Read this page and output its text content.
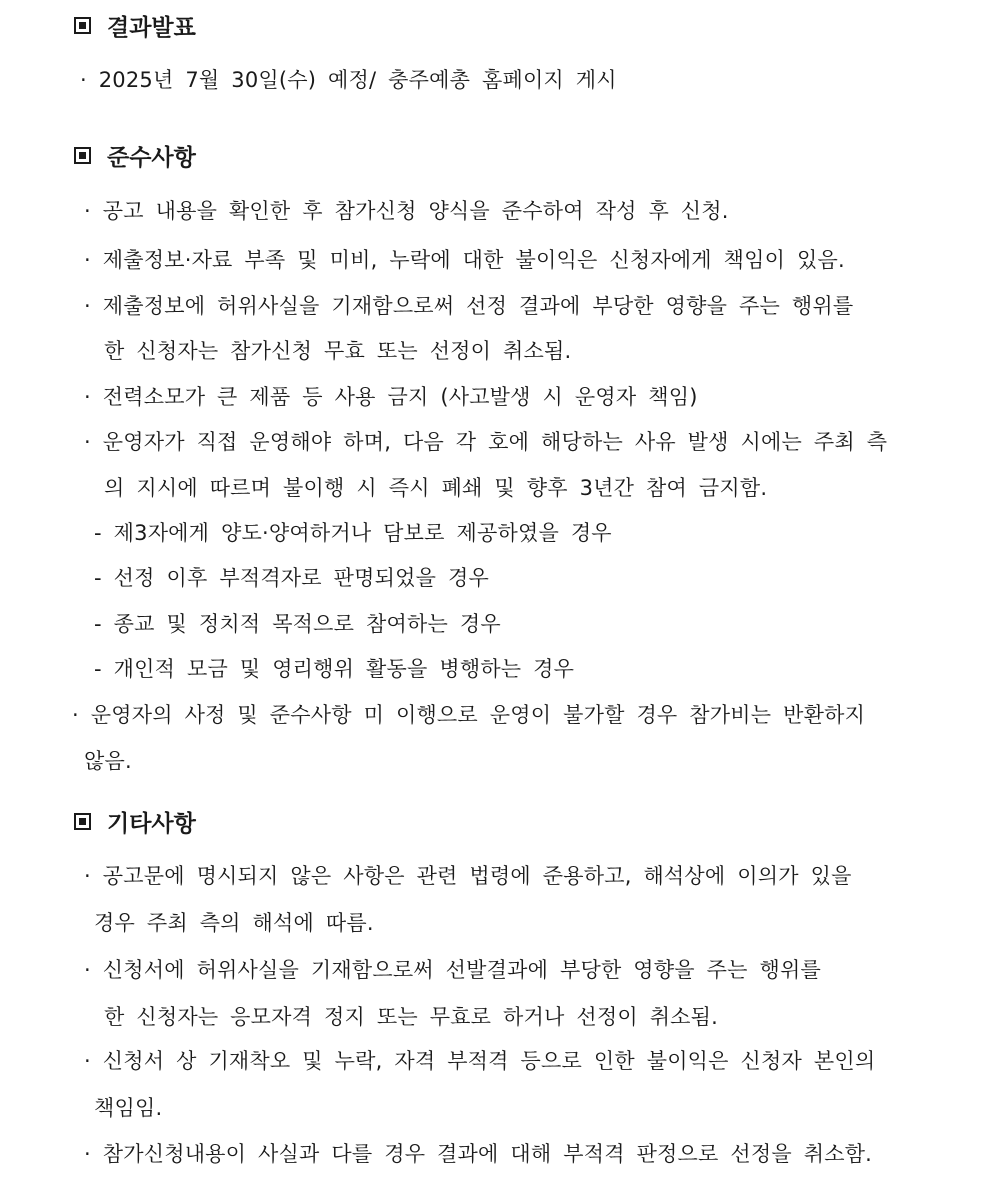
결과발표
· 2025년 7월 30일(수) 예정/ 충주예총 홈페이지 게시
준수사항
· 공고 내용을 확인한 후 참가신청 양식을 준수하여 작성 후 신청.
· 제출정보·자료 부족 및 미비, 누락에 대한 불이익은 신청자에게 책임이 있음.
· 제출정보에 허위사실을 기재함으로써 선정 결과에 부당한 영향을 주는 행위를
한 신청자는 참가신청 무효 또는 선정이 취소됨.
· 전력소모가 큰 제품 등 사용 금지 (사고발생 시 운영자 책임)
· 운영자가 직접 운영해야 하며, 다음 각 호에 해당하는 사유 발생 시에는 주최 측
의 지시에 따르며 불이행 시 즉시 폐쇄 및 향후 3년간 참여 금지함.
- 제3자에게 양도·양여하거나 담보로 제공하였을 경우
- 선정 이후 부적격자로 판명되었을 경우
- 종교 및 정치적 목적으로 참여하는 경우
- 개인적 모금 및 영리행위 활동을 병행하는 경우
· 운영자의 사정 및 준수사항 미 이행으로 운영이 불가할 경우 참가비는 반환하지
않음.
기타사항
· 공고문에 명시되지 않은 사항은 관련 법령에 준용하고, 해석상에 이의가 있을
경우 주최 측의 해석에 따름.
· 신청서에 허위사실을 기재함으로써 선발결과에 부당한 영향을 주는 행위를
한 신청자는 응모자격 정지 또는 무효로 하거나 선정이 취소됨.
· 신청서 상 기재착오 및 누락, 자격 부적격 등으로 인한 불이익은 신청자 본인의
책임임.
· 참가신청내용이 사실과 다를 경우 결과에 대해 부적격 판정으로 선정을 취소함.
